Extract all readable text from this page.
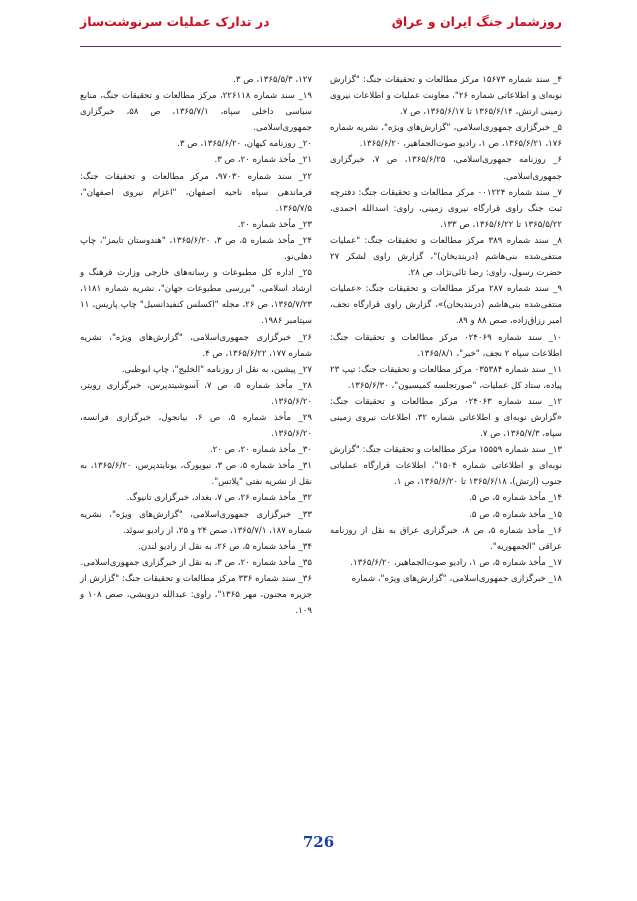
روزشمار جنگ ایران و عراق
در تدارک عملیات سرنوشت‌ساز

۴_ سند شماره ۱۵۶۷۳ مرکز مطالعات و تحقیقات جنگ: "گزارش نوبه‌ای و اطلاعاتی شماره ۲۶"، معاونت عملیات و اطلاعات نیروی زمینی ارتش، ۱۳۶۵/۶/۱۴ تا ۱۳۶۵/۶/۱۷، ص ۷.

۵_ خبرگزاری جمهوری‌اسلامی، "گزارش‌های ویژه"، نشریه شماره ۱۷۶، ۱۳۶۵/۶/۲۱، ص ۱، رادیو صوت‌الجماهیر، ۱۳۶۵/۶/۲۰.

۶_ روزنامه جمهوری‌اسلامی، ۱۳۶۵/۶/۲۵، ص ۷، خبرگزاری جمهوری‌اسلامی.

۷_ سند شماره ۰۰۱۲۲۴ مرکز مطالعات و تحقیقات جنگ: دفترچه ثبت جنگ راوی قرارگاه نیروی زمینی، راوی: اسدالله احمدی، ۱۳۶۵/۵/۲۲ تا ۱۳۶۵/۶/۲۲، ص ۱۳۳.

۸_ سند شماره ۳۸۹ مرکز مطالعات و تحقیقات جنگ: "عملیات منتفی‌شده بنی‌هاشم (دربندیخان)"، گزارش راوی لشکر ۲۷ حضرت رسول، راوی: رضا تائی‌نژاد، ص ۲۸.

۹_ سند شماره ۲۸۷ مرکز مطالعات و تحقیقات جنگ: «عملیات منتفی‌شده بنی‌هاشم (دربندیخان)»، گزارش راوی قرارگاه نجف، امیر رزاق‌زاده، صص ۸۸ و ۸۹.

۱۰_ سند شماره ۰۲۴۰۶۹ مرکز مطالعات و تحقیقات جنگ: اطلاعات سپاه ۲ نجف، "خبر"، ۱۳۶۵/۸/۱.

۱۱_ سند شماره ۰۳۵۳۸۴ مرکز مطالعات و تحقیقات جنگ: تیپ ۲۳ پیاده، ستاد کل عملیات، "صورتجلسه کمیسیون"، ۱۳۶۵/۶/۳۰.

۱۲_ سند شماره ۰۲۴۰۶۳ مرکز مطالعات و تحقیقات جنگ: «گزارش نوبه‌ای و اطلاعاتی شماره ۳۲، اطلاعات نیروی زمینی سپاه، ۱۳۶۵/۷/۳، ص ۷.

۱۳_ سند شماره ۱۵۵۵۹ مرکز مطالعات و تحقیقات جنگ: "گزارش نوبه‌ای و اطلاعاتی شماره ۱۵۰۴"، اطلاعات قرارگاه عملیاتی جنوب (ارتش)، ۱۳۶۵/۶/۱۸ تا ۱۳۶۵/۶/۲۰، ص ۱.

۱۴_ مأخذ شماره ۵، ص ۵.

۱۵_ مأخذ شماره ۵، ص ۵.

۱۶_ مأخذ شماره ۵، ص ۸، خبرگزاری عراق به نقل از روزنامه عراقی "الجمهوریه".

۱۷_ مأخذ شماره ۵، ص ۱، رادیو صوت‌الجماهیر، ۱۳۶۵/۶/۲۰.

۱۸_ خبرگزاری جمهوری‌اسلامی، "گزارش‌های ویژه"، شماره

۱۲۷، ۱۳۶۵/۵/۳، ص ۳.

۱۹_ سند شماره ۲۲۶۱۱۸، مرکز مطالعات و تحقیقات جنگ، منابع سیاسی داخلی سپاه، ۱۳۶۵/۷/۱، ص ۵۸، خبرگزاری جمهوری‌اسلامی.

۲۰_ روزنامه کیهان، ۱۳۶۵/۶/۲۰، ص ۳.

۲۱_ مأخذ شماره ۲۰، ص ۳.

۲۲_ سند شماره ۹۷۰۳۰، مرکز مطالعات و تحقیقات جنگ: فرماندهی سپاه ناحیه اصفهان، "اعزام نیروی اصفهان"، ۱۳۶۵/۷/۵.

۲۳_ مأخذ شماره ۲۰.

۲۴_ مأخذ شماره ۵، ص ۳، ۱۳۶۵/۶/۲۰، "هندوستان تایمز"، چاپ دهلی‌نو.

۲۵_ اداره کل مطبوعات و رسانه‌های خارجی وزارت فرهنگ و ارشاد اسلامی، "بررسی مطبوعات جهان"، نشریه شماره ۱۱۸۱، ۱۳۶۵/۷/۲۳، ص ۲۶، مجله "اکسلس کنفیدانسیل" چاپ پاریس، ۱۱ سپتامبر ۱۹۸۶.

۲۶_ خبرگزاری جمهوری‌اسلامی، "گزارش‌های ویژه"، نشریه شماره ۱۷۷، ۱۳۶۵/۶/۲۲، ص ۴.

۲۷_ پیشین، به نقل از روزنامه "الخلیج"، چاپ ابوظبی.

۲۸_ مأخذ شماره ۵، ص ۷، آسوشیتدپرس، خبرگزاری رویتر، ۱۳۶۵/۶/۲۰.

۲۹_ مأخذ شماره ۵، ص ۶، بیانجول، خبرگزاری فرانسه، ۱۳۶۵/۶/۲۰.

۳۰_ مأخذ شماره ۲۰، ص ۲۰.

۳۱_ مأخذ شماره ۵، ص ۳، نیویورک، یونایتدپرس، ۱۳۶۵/۶/۲۰، به نقل از نشریه نفتی "پلاتس".

۳۲_ مأخذ شماره ۲۶، ص ۷، بغداد، خبرگزاری تانیوگ.

۳۳_ خبرگزاری جمهوری‌اسلامی، "گزارش‌های ویژه"، نشریه شماره ۱۸۷، ۱۳۶۵/۷/۱، صص ۲۴ و ۲۵، از رادیو سوئد.

۳۴_ مأخذ شماره ۵، ص ۲۶، به نقل از رادیو لندن.

۳۵_ مأخذ شماره ۲۰، ص ۳، به نقل از خبرگزاری جمهوری‌اسلامی.

۳۶_ سند شماره ۳۳۶ مرکز مطالعات و تحقیقات جنگ: "گزارش از جزیره مجنون، مهر ۱۳۶۵"، راوی: عبدالله درویشی، صص ۱۰۸ و ۱۰۹.

726
